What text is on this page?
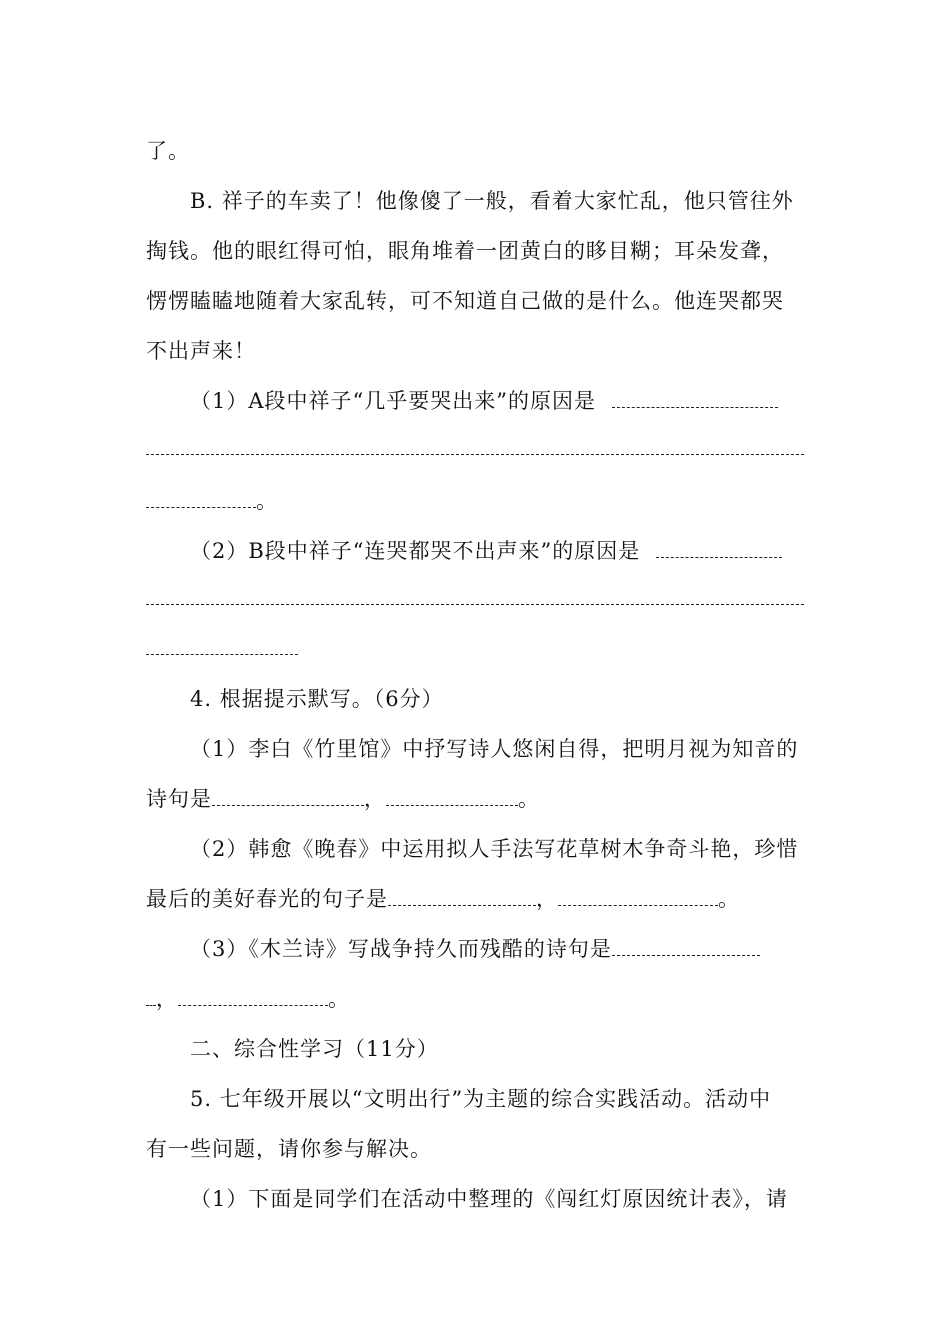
了。
B. 祥子的车卖了！他像傻了一般，看着大家忙乱，他只管往外
掏钱。他的眼红得可怕，眼角堆着一团黄白的眵目糊；耳朵发聋，
愣愣瞌瞌地随着大家乱转，可不知道自己做的是什么。他连哭都哭
不出声来！
（1）A段中祥子“几乎要哭出来”的原因是
。
（2）B段中祥子“连哭都哭不出声来”的原因是
4. 根据提示默写。（6分）
（1）李白《竹里馆》中抒写诗人悠闲自得，把明月视为知音的
诗句是	，	。
（2）韩愈《晚春》中运用拟人手法写花草树木争奇斗艳，珍惜
最后的美好春光的句子是	，	。
（3）《木兰诗》写战争持久而残酷的诗句是
，	。
二、综合性学习（11分）
5. 七年级开展以“文明出行”为主题的综合实践活动。活动中
有一些问题，请你参与解决。
（1）下面是同学们在活动中整理的《闯红灯原因统计表》，请
